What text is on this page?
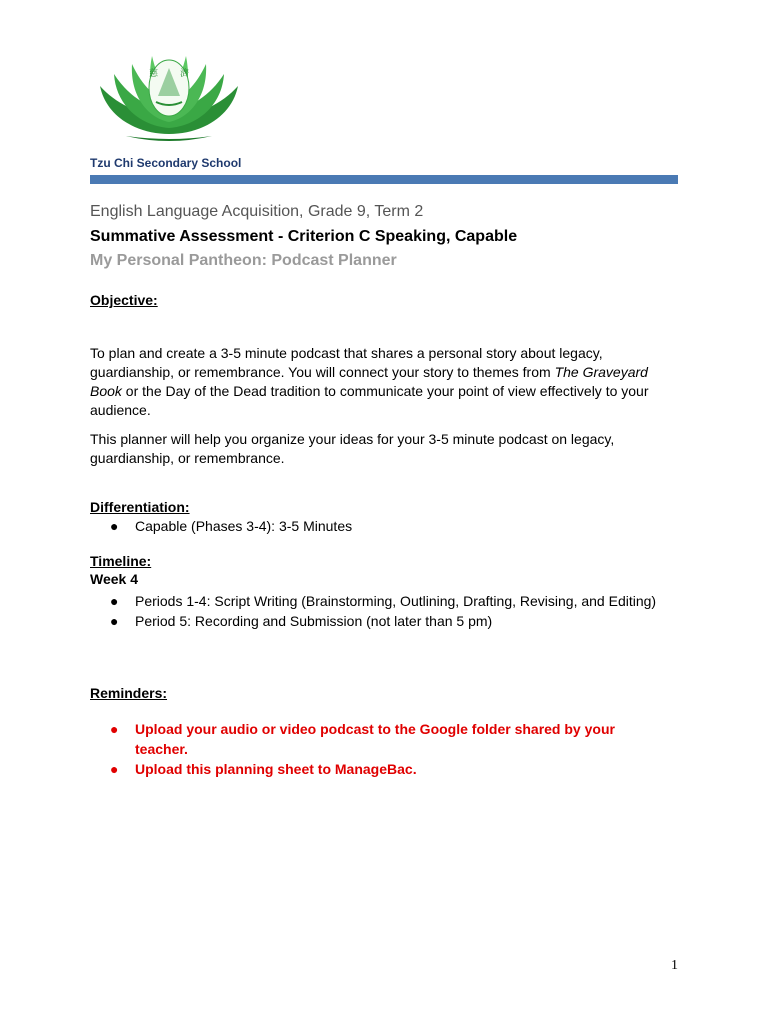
慈 濟
Tzu Chi Secondary School
English Language Acquisition, Grade 9, Term 2
Summative Assessment - Criterion C Speaking, Capable
My Personal Pantheon: Podcast Planner
Objective:
To plan and create a 3-5 minute podcast that shares a personal story about legacy, guardianship, or remembrance. You will connect your story to themes from The Graveyard Book or the Day of the Dead tradition to communicate your point of view effectively to your audience.
This planner will help you organize your ideas for your 3-5 minute podcast on legacy, guardianship, or remembrance.
Differentiation:
● Capable (Phases 3-4): 3-5 Minutes
Timeline:
Week 4
● Periods 1-4: Script Writing (Brainstorming, Outlining, Drafting, Revising, and Editing)
● Period 5: Recording and Submission (not later than 5 pm)
Reminders:
● Upload your audio or video podcast to the Google folder shared by your teacher.
● Upload this planning sheet to ManageBac.
1
